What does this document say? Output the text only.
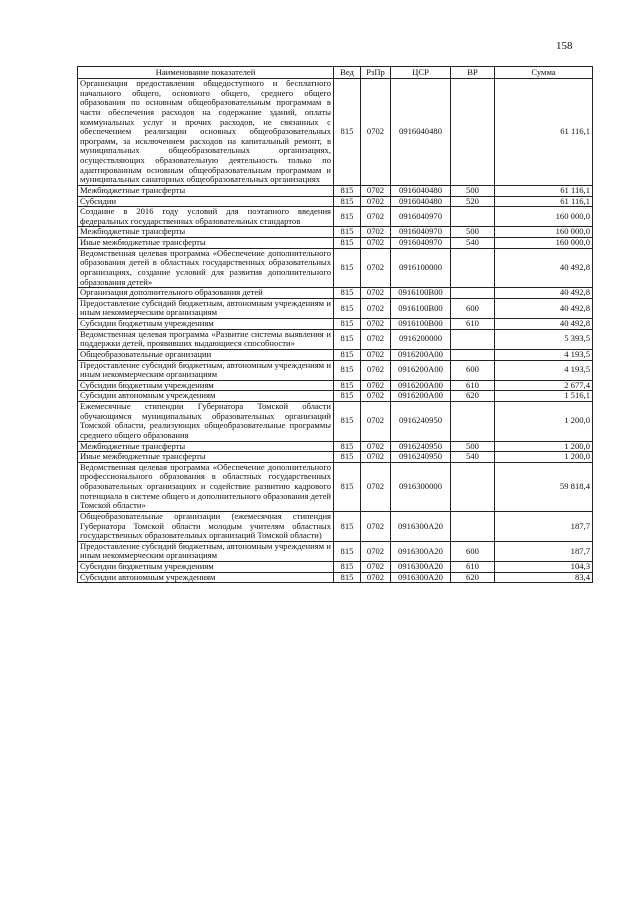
158
Наименование показателей	Вед	РзПр	ЦСР	ВР	Сумма
Организация предоставления общедоступного и бесплатного начального общего, основного общего, среднего общего образования по основным общеобразовательным программам в части обеспечения расходов на содержание зданий, оплаты коммунальных услуг и прочих расходов, не связанных с обеспечением реализации основных общеобразовательных программ, за исключением расходов на капитальный ремонт, в муниципальных общеобразовательных организациях, осуществляющих образовательную деятельность только по адаптированным основным общеобразовательным программам и муниципальных санаторных общеобразовательных организациях	815	0702	0916040480		61 116,1
Межбюджетные трансферты	815	0702	0916040480	500	61 116,1
Субсидии	815	0702	0916040480	520	61 116,1
Создание в 2016 году условий для поэтапного введения федеральных государственных образовательных стандартов	815	0702	0916040970		160 000,0
Межбюджетные трансферты	815	0702	0916040970	500	160 000,0
Иные межбюджетные трансферты	815	0702	0916040970	540	160 000,0
Ведомственная целевая программа «Обеспечение дополнительного образования детей в областных государственных образовательных организациях, создание условий для развития дополнительного образования детей»	815	0702	0916100000		40 492,8
Организация дополнительного образования детей	815	0702	0916100В00		40 492,8
Предоставление субсидий бюджетным, автономным учреждениям и иным некоммерческим организациям	815	0702	0916100В00	600	40 492,8
Субсидии бюджетным учреждениям	815	0702	0916100В00	610	40 492,8
Ведомственная целевая программа «Развитие системы выявления и поддержки детей, проявивших выдающиеся способности»	815	0702	0916200000		5 393,5
Общеобразовательные организации	815	0702	0916200А00		4 193,5
Предоставление субсидий бюджетным, автономным учреждениям и иным некоммерческим организациям	815	0702	0916200А00	600	4 193,5
Субсидии бюджетным учреждениям	815	0702	0916200А00	610	2 677,4
Субсидии автономным учреждениям	815	0702	0916200А00	620	1 516,1
Ежемесячные стипендии Губернатора Томской области обучающимся муниципальных образовательных организаций Томской области, реализующих общеобразовательные программы среднего общего образования	815	0702	0916240950		1 200,0
Межбюджетные трансферты	815	0702	0916240950	500	1 200,0
Иные межбюджетные трансферты	815	0702	0916240950	540	1 200,0
Ведомственная целевая программа «Обеспечение дополнительного профессионального образования в областных государственных образовательных организациях и содействие развитию кадрового потенциала в системе общего и дополнительного образования детей Томской области»	815	0702	0916300000		59 818,4
Общеобразовательные организации (ежемесячная стипендия Губернатора Томской области молодым учителям областных государственных образовательных организаций Томской области)	815	0702	0916300А20		187,7
Предоставление субсидий бюджетным, автономным учреждениям и иным некоммерческим организациям	815	0702	0916300А20	600	187,7
Субсидии бюджетным учреждениям	815	0702	0916300А20	610	104,3
Субсидии автономным учреждениям	815	0702	0916300А20	620	83,4
